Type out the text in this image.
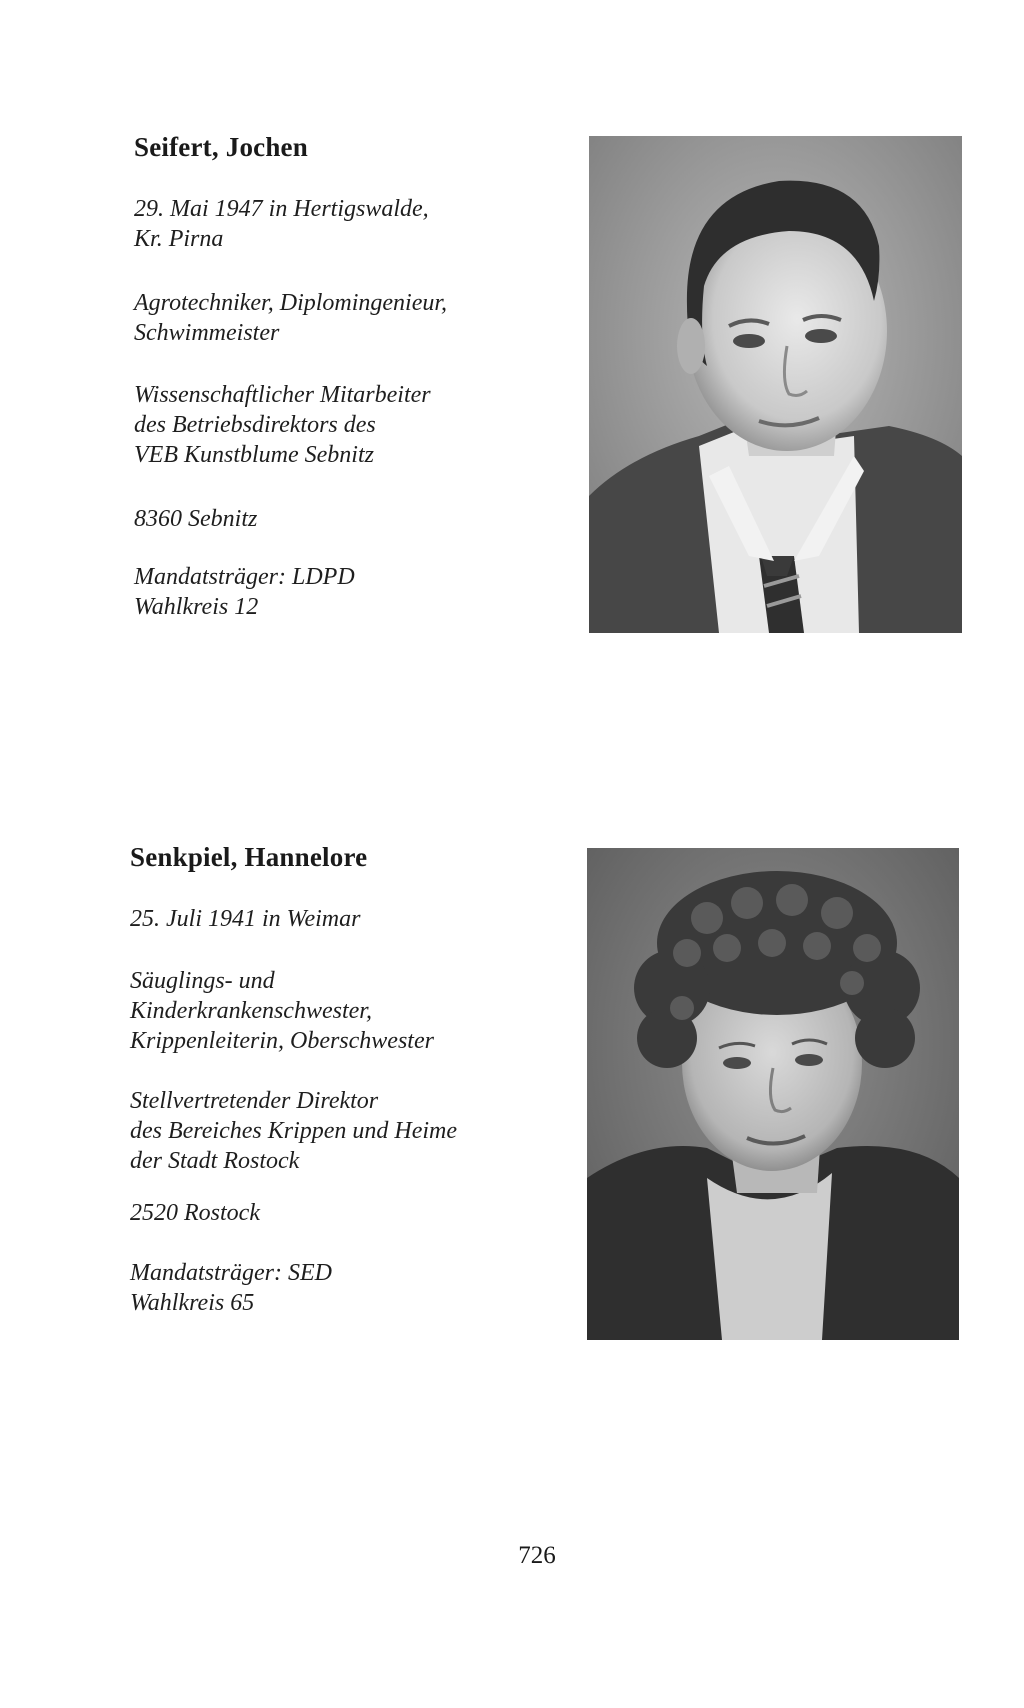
Seifert, Jochen

29. Mai 1947 in Hertigswalde,
Kr. Pirna

Agrotechniker, Diplomingenieur,
Schwimmeister

Wissenschaftlicher Mitarbeiter
des Betriebsdirektors des
VEB Kunstblume Sebnitz

8360 Sebnitz

Mandatsträger: LDPD
Wahlkreis 12

Senkpiel, Hannelore

25. Juli 1941 in Weimar

Säuglings- und
Kinderkrankenschwester,
Krippenleiterin, Oberschwester

Stellvertretender Direktor
des Bereiches Krippen und Heime
der Stadt Rostock

2520 Rostock

Mandatsträger: SED
Wahlkreis 65

726
